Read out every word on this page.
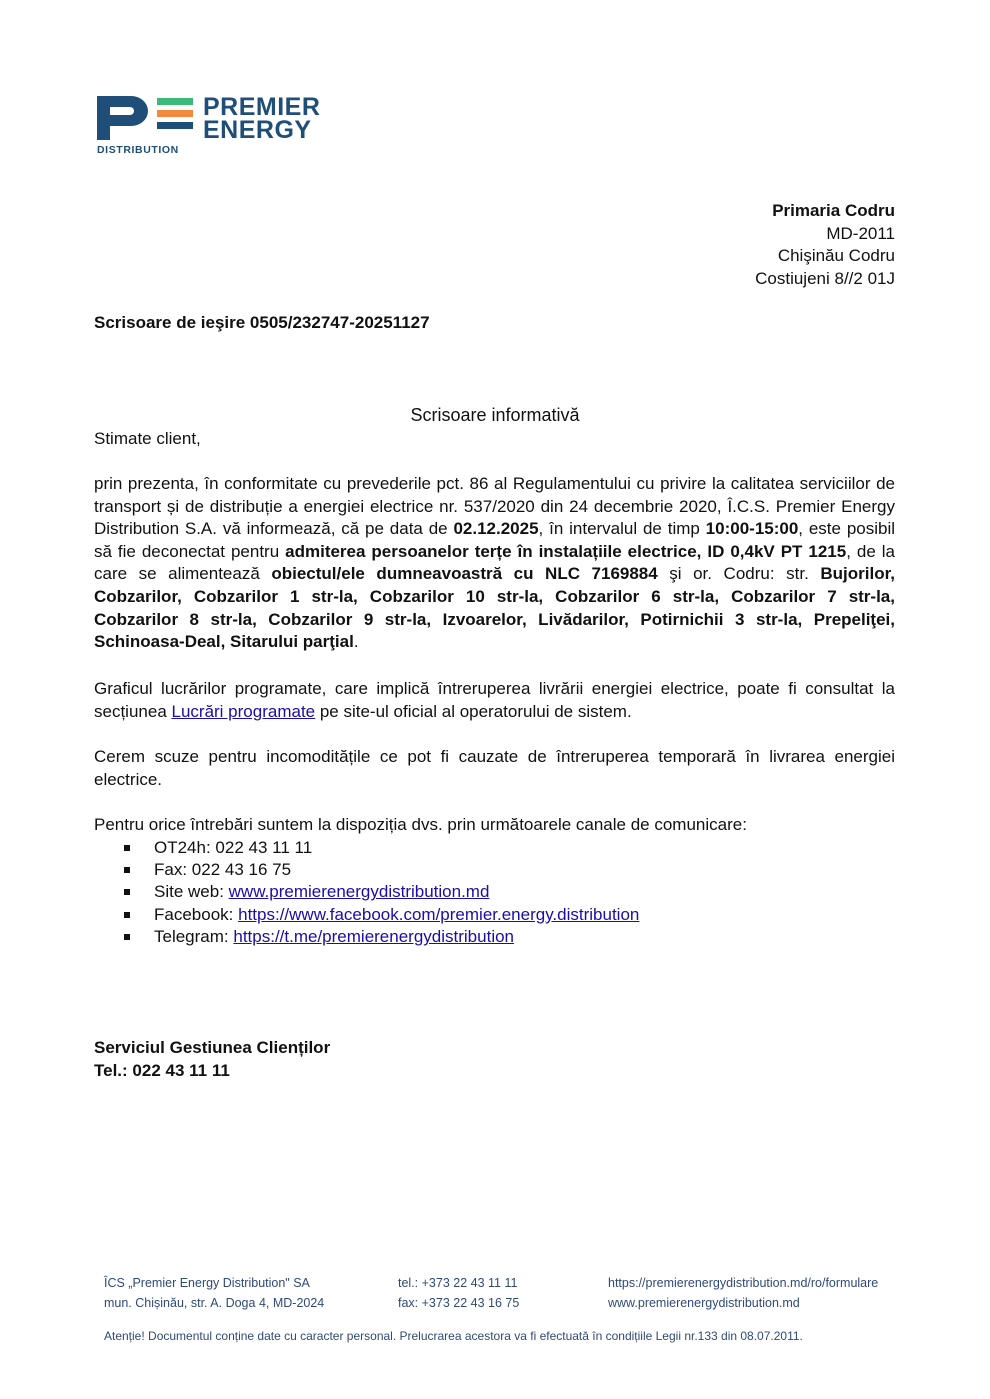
PREMIER
ENERGY
DISTRIBUTION
Primaria Codru
MD-2011
Chişinău Codru
Costiujeni 8//2 01J
Scrisoare de ieşire 0505/232747-20251127
Scrisoare informativă
Stimate client,
prin prezenta, în conformitate cu prevederile pct. 86 al Regulamentului cu privire la calitatea serviciilor de transport și de distribuție a energiei electrice nr. 537/2020 din 24 decembrie 2020, Î.C.S. Premier Energy Distribution S.A. vă informează, că pe data de 02.12.2025, în intervalul de timp 10:00-15:00, este posibil să fie deconectat pentru admiterea persoanelor terțe în instalațiile electrice, ID 0,4kV PT 1215, de la care se alimentează obiectul/ele dumneavoastră cu NLC 7169884 şi or. Codru: str. Bujorilor, Cobzarilor, Cobzarilor 1 str-la, Cobzarilor 10 str-la, Cobzarilor 6 str-la, Cobzarilor 7 str-la, Cobzarilor 8 str-la, Cobzarilor 9 str-la, Izvoarelor, Livădarilor, Potirnichii 3 str-la, Prepeliţei, Schinoasa-Deal, Sitarului parţial.
Graficul lucrărilor programate, care implică întreruperea livrării energiei electrice, poate fi consultat la secțiunea Lucrări programate pe site-ul oficial al operatorului de sistem.
Cerem scuze pentru incomoditățile ce pot fi cauzate de întreruperea temporară în livrarea energiei electrice.
Pentru orice întrebări suntem la dispoziția dvs. prin următoarele canale de comunicare:
OT24h: 022 43 11 11
Fax: 022 43 16 75
Site web: www.premierenergydistribution.md
Facebook: https://www.facebook.com/premier.energy.distribution
Telegram: https://t.me/premierenergydistribution
Serviciul Gestiunea Clienților
Tel.: 022 43 11 11
ÎCS „Premier Energy Distribution" SA
mun. Chișinău, str. A. Doga 4, MD-2024
tel.: +373 22 43 11 11
fax: +373 22 43 16 75
https://premierenergydistribution.md/ro/formulare
www.premierenergydistribution.md
Atenție! Documentul conține date cu caracter personal. Prelucrarea acestora va fi efectuată în condițiile Legii nr.133 din 08.07.2011.
